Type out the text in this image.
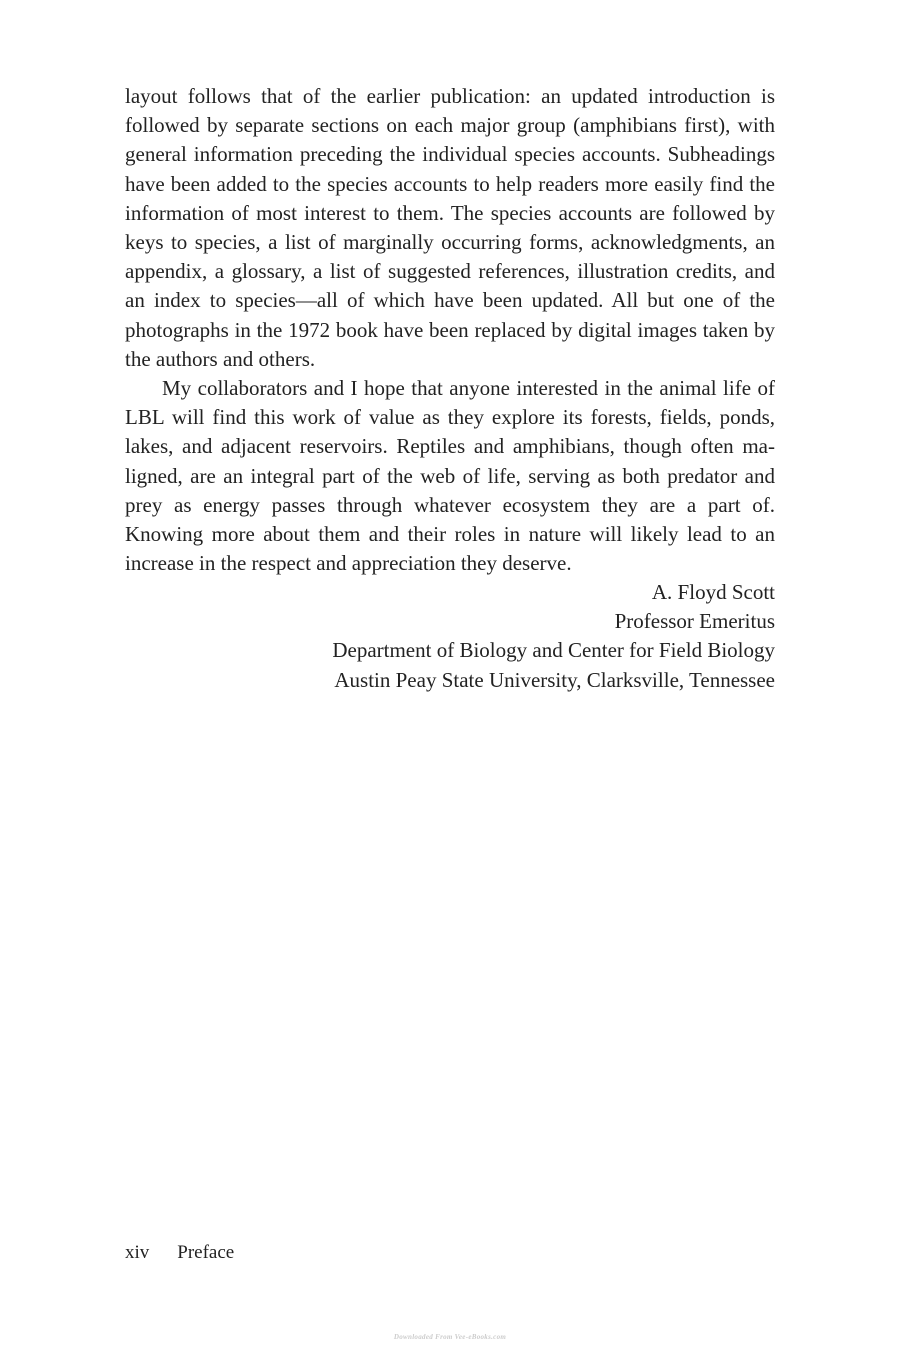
layout follows that of the earlier publication: an updated introduction is followed by separate sections on each major group (amphibians first), with general information preceding the individual species accounts. Subheadings have been added to the species accounts to help readers more easily find the information of most interest to them. The species accounts are followed by keys to species, a list of marginally occurring forms, acknowledgments, an appendix, a glossary, a list of suggested references, illustration credits, and an index to species—all of which have been updated. All but one of the photographs in the 1972 book have been replaced by digital images taken by the authors and others.

My collaborators and I hope that anyone interested in the animal life of LBL will find this work of value as they explore its forests, fields, ponds, lakes, and adjacent reservoirs. Reptiles and amphibians, though often maligned, are an integral part of the web of life, serving as both predator and prey as energy passes through whatever ecosystem they are a part of. Knowing more about them and their roles in nature will likely lead to an increase in the respect and appreciation they deserve.

A. Floyd Scott
Professor Emeritus
Department of Biology and Center for Field Biology
Austin Peay State University, Clarksville, Tennessee
xiv Preface
Downloaded From Vee-eBooks.com
